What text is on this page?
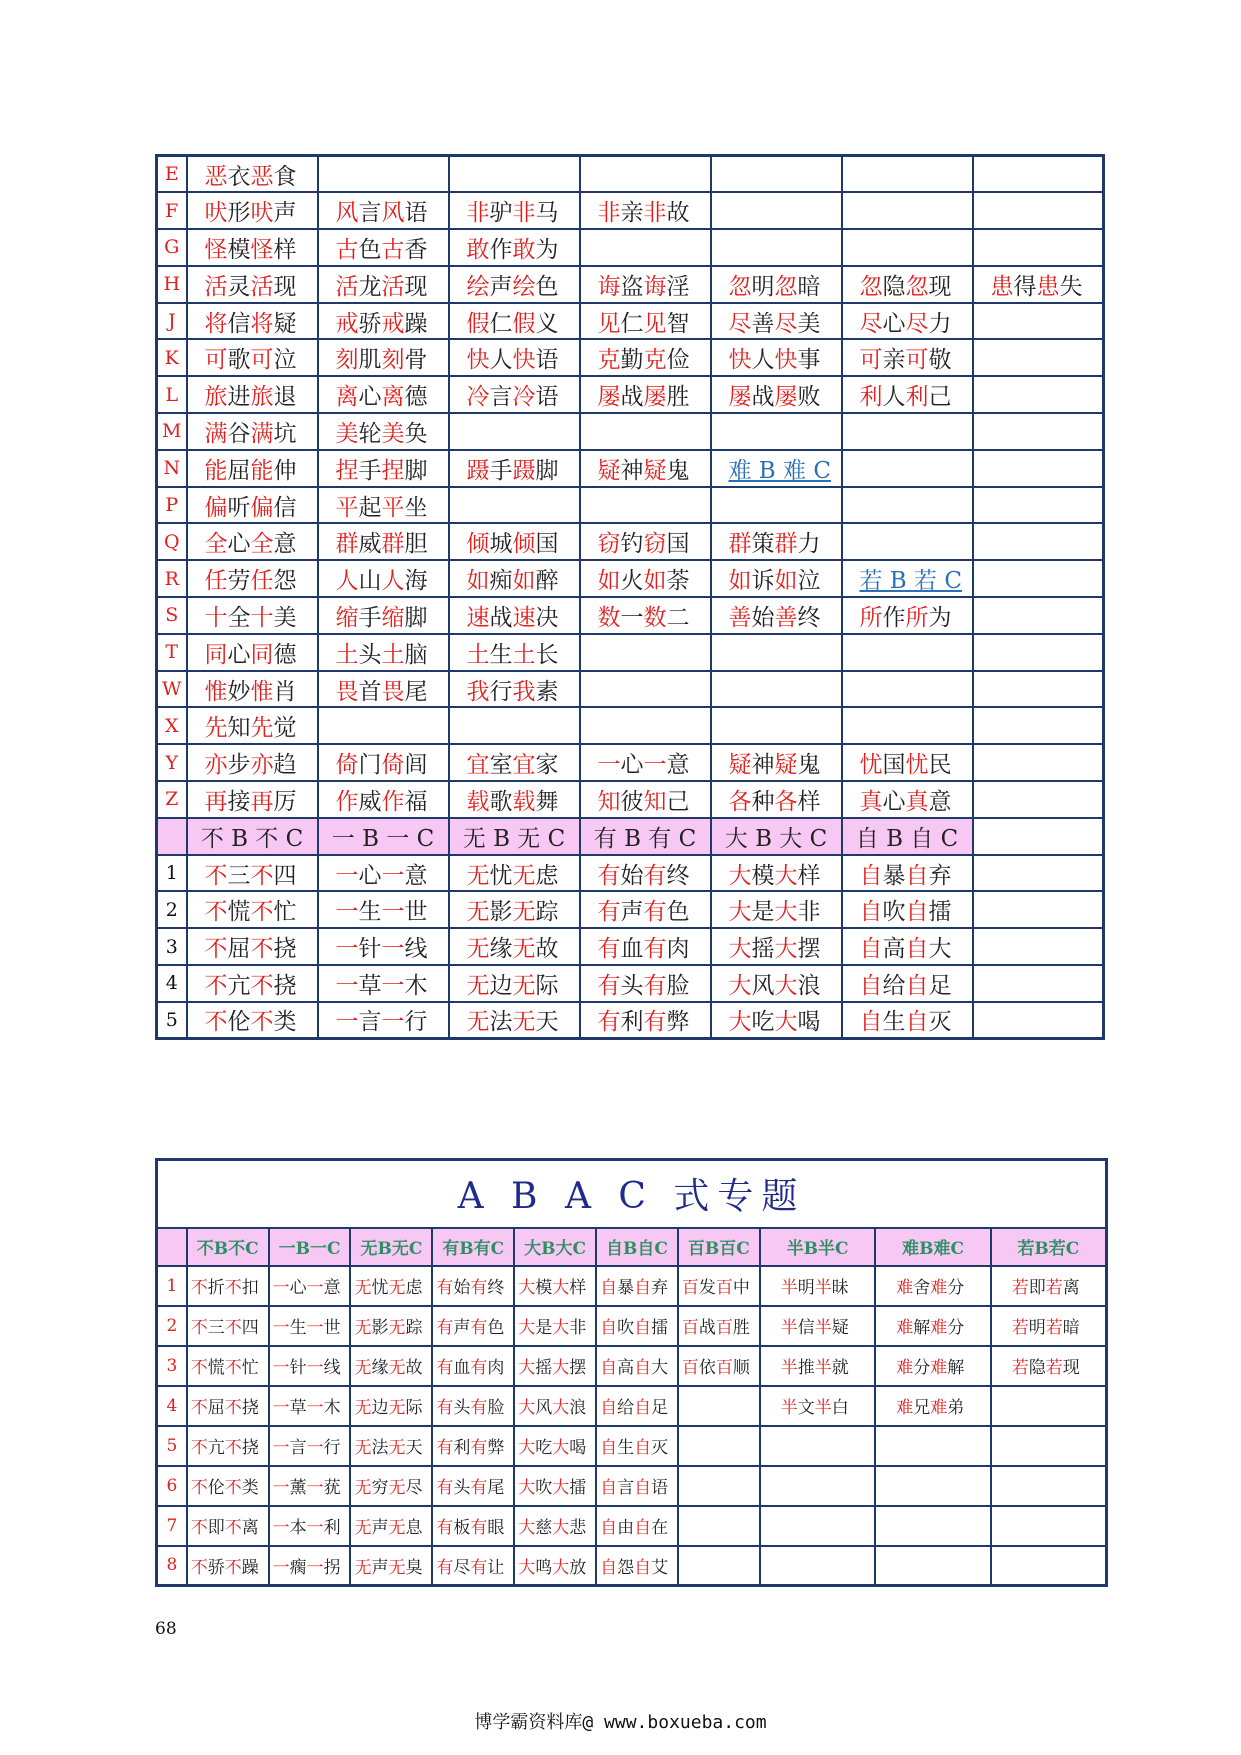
E	恶衣恶食						
F	吠形吠声	风言风语	非驴非马	非亲非故			
G	怪模怪样	古色古香	敢作敢为				
H	活灵活现	活龙活现	绘声绘色	诲盗诲淫	忽明忽暗	忽隐忽现	患得患失
J	将信将疑	戒骄戒躁	假仁假义	见仁见智	尽善尽美	尽心尽力	
K	可歌可泣	刻肌刻骨	快人快语	克勤克俭	快人快事	可亲可敬	
L	旅进旅退	离心离德	冷言冷语	屡战屡胜	屡战屡败	利人利己	
M	满谷满坑	美轮美奂					
N	能屈能伸	捏手捏脚	蹑手蹑脚	疑神疑鬼	难 B 难 C		
P	偏听偏信	平起平坐					
Q	全心全意	群威群胆	倾城倾国	窃钓窃国	群策群力		
R	任劳任怨	人山人海	如痴如醉	如火如荼	如诉如泣	若 B 若 C	
S	十全十美	缩手缩脚	速战速决	数一数二	善始善终	所作所为	
T	同心同德	土头土脑	土生土长				
W	惟妙惟肖	畏首畏尾	我行我素				
X	先知先觉						
Y	亦步亦趋	倚门倚闾	宜室宜家	一心一意	疑神疑鬼	忧国忧民	
Z	再接再厉	作威作福	载歌载舞	知彼知己	各种各样	真心真意	
	不 B 不 C	一 B 一 C	无 B 无 C	有 B 有 C	大 B 大 C	自 B 自 C	
1	不三不四	一心一意	无忧无虑	有始有终	大模大样	自暴自弃	
2	不慌不忙	一生一世	无影无踪	有声有色	大是大非	自吹自擂	
3	不屈不挠	一针一线	无缘无故	有血有肉	大摇大摆	自高自大	
4	不亢不挠	一草一木	无边无际	有头有脸	大风大浪	自给自足	
5	不伦不类	一言一行	无法无天	有利有弊	大吃大喝	自生自灭	
A B A C 式专题										
	不B不C	一B一C	无B无C	有B有C	大B大C	自B自C	百B百C	半B半C	难B难C	若B若C
1	不折不扣	一心一意	无忧无虑	有始有终	大模大样	自暴自弃	百发百中	半明半昧	难舍难分	若即若离
2	不三不四	一生一世	无影无踪	有声有色	大是大非	自吹自擂	百战百胜	半信半疑	难解难分	若明若暗
3	不慌不忙	一针一线	无缘无故	有血有肉	大摇大摆	自高自大	百依百顺	半推半就	难分难解	若隐若现
4	不屈不挠	一草一木	无边无际	有头有脸	大风大浪	自给自足		半文半白	难兄难弟	
5	不亢不挠	一言一行	无法无天	有利有弊	大吃大喝	自生自灭				
6	不伦不类	一薰一莸	无穷无尽	有头有尾	大吹大擂	自言自语				
7	不即不离	一本一利	无声无息	有板有眼	大慈大悲	自由自在				
8	不骄不躁	一瘸一拐	无声无臭	有尽有让	大鸣大放	自怨自艾				
68
博学霸资料库@ www.boxueba.com
